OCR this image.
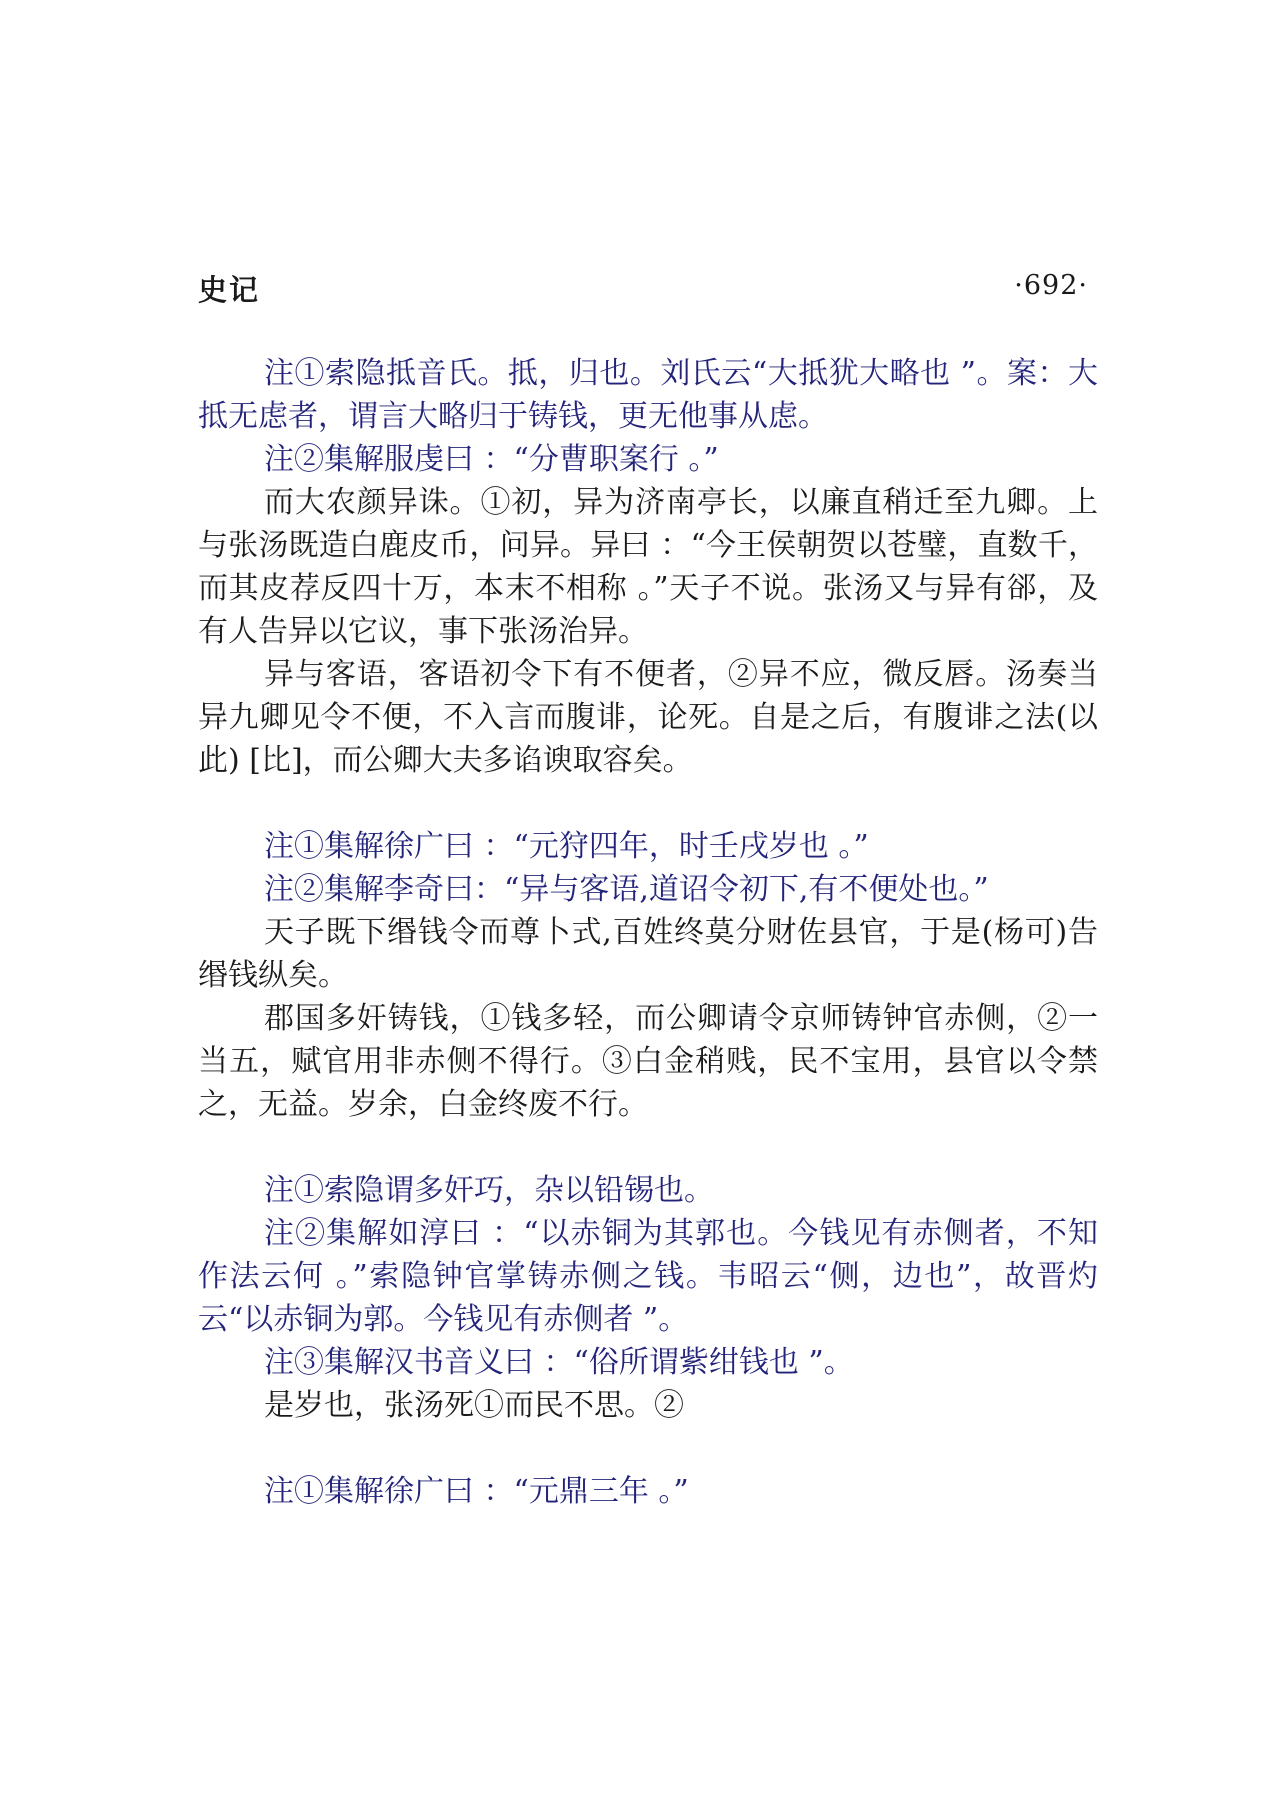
史记	·692·

注①索隐抵音氏。抵，归也。刘氏云“大抵犹大略也 ”。案：大抵无虑者，谓言大略归于铸钱，更无他事从虑。

注②集解服虔曰 ：“分曹职案行 。”

而大农颜异诛。①初，异为济南亭长，以廉直稍迁至九卿。上与张汤既造白鹿皮币，问异。异曰 ：“今王侯朝贺以苍璧，直数千，而其皮荐反四十万，本末不相称 。”天子不说。张汤又与异有郤，及有人告异以它议，事下张汤治异。

异与客语，客语初令下有不便者，②异不应，微反唇。汤奏当异九卿见令不便，不入言而腹诽，论死。自是之后，有腹诽之法(以此) [比]，而公卿大夫多谄谀取容矣。

注①集解徐广曰 ：“元狩四年，时壬戌岁也 。”

注②集解李奇曰：“异与客语,道诏令初下,有不便处也。”

天子既下缗钱令而尊卜式,百姓终莫分财佐县官，于是(杨可)告缗钱纵矣。

郡国多奸铸钱，①钱多轻，而公卿请令京师铸钟官赤侧，②一当五，赋官用非赤侧不得行。③白金稍贱，民不宝用，县官以令禁之，无益。岁余，白金终废不行。

注①索隐谓多奸巧，杂以铅锡也。

注②集解如淳曰 ：“以赤铜为其郭也。今钱见有赤侧者，不知作法云何 。”索隐钟官掌铸赤侧之钱。韦昭云“侧，边也”，故晋灼云“以赤铜为郭。今钱见有赤侧者 ”。

注③集解汉书音义曰 ：“俗所谓紫绀钱也 ”。

是岁也，张汤死①而民不思。②

注①集解徐广曰 ：“元鼎三年 。”
